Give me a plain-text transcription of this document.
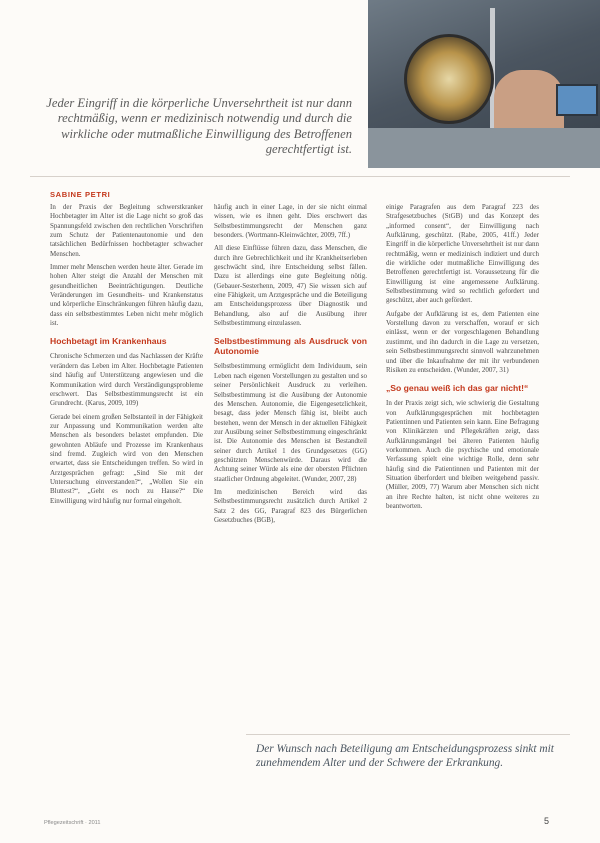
Jeder Eingriff in die körperliche Unversehrtheit ist nur dann rechtmäßig, wenn er medizinisch notwendig und durch die wirkliche oder mutmaßliche Einwilligung des Betroffenen gerechtfertigt ist.
SABINE PETRI

In der Praxis der Begleitung schwerstkranker Hochbetagter im Alter ist die Lage nicht so groß das Spannungsfeld zwischen den rechtlichen Vorschriften zum Schutz der Patientenautonomie und den tatsächlichen Bedürfnissen hochbetagter schwacher Menschen.

Immer mehr Menschen werden heute älter. Gerade im hohen Alter steigt die Anzahl der Menschen mit gesundheitlichen Beeinträchtigungen. Deutliche Veränderungen im Gesundheits- und Krankenstatus und körperliche Einschränkungen führen häufig dazu, dass ein selbstbestimmtes Leben nicht mehr möglich ist.

Hochbetagt im Krankenhaus

Chronische Schmerzen und das Nachlassen der Kräfte verändern das Leben im Alter. Hochbetagte Patienten sind häufig auf Unterstützung angewiesen und die Kommunikation wird durch Verständigungsprobleme erschwert. Das Selbstbestimmungsrecht ist ein Grundrecht. (Karus, 2009, 109)

Gerade bei einem großen Selbstanteil in der Fähigkeit zur Anpassung und Kommunikation werden alte Menschen als besonders belastet empfunden. Die gewohnten Abläufe und Prozesse im Krankenhaus sind fremd. Zugleich wird von den Menschen erwartet, dass sie Entscheidungen treffen. So wird in Arztgesprächen gefragt: „Sind Sie mit der Untersuchung einverstanden?“, „Wollen Sie ein Bluttest?“, „Geht es noch zu Hause?“ Die Einwilligung wird häufig nur formal eingeholt.

häufig auch in einer Lage, in der sie nicht einmal wissen, wie es ihnen geht. Dies erschwert das Selbstbestimmungsrecht der Menschen ganz besonders. (Wortmann-Kleinwächter, 2009, 7ff.)

All diese Einflüsse führen dazu, dass Menschen, die durch ihre Gebrechlichkeit und ihr Krankheitserleben geschwächt sind, ihre Entscheidung selbst fällen. Dazu ist allerdings eine gute Begleitung nötig. (Gebauer-Sesterhenn, 2009, 47) Sie wissen sich auf eine Fähigkeit, um Arztgespräche und die Beteiligung am Entscheidungsprozess über Diagnostik und Behandlung, also auf die Ausübung ihrer Selbstbestimmung einzulassen.

Selbstbestimmung als Ausdruck von Autonomie

Selbstbestimmung ermöglicht dem Individuum, sein Leben nach eigenen Vorstellungen zu gestalten und so seiner Persönlichkeit Ausdruck zu verleihen. Selbstbestimmung ist die Ausübung der Autonomie des Menschen. Autonomie, die Eigengesetzlichkeit, besagt, dass jeder Mensch fähig ist, bleibt auch bestehen, wenn der Mensch in der aktuellen Fähigkeit zur Ausübung seiner Selbstbestimmung eingeschränkt ist. Die Autonomie des Menschen ist Bestandteil seiner durch Artikel 1 des Grundgesetzes (GG) geschützten Menschenwürde. Daraus wird die Achtung seiner Würde als eine der obersten Pflichten staatlicher Ordnung abgeleitet. (Wunder, 2007, 28)

Im medizinischen Bereich wird das Selbstbestimmungsrecht zusätzlich durch Artikel 2 Satz 2 des GG, Paragraf 823 des Bürgerlichen Gesetzbuches (BGB),

einige Paragrafen aus dem Paragraf 223 des Strafgesetzbuches (StGB) und das Konzept des „informed consent“, der Einwilligung nach Aufklärung, geschützt. (Rabe, 2005, 41ff.) Jeder Eingriff in die körperliche Unversehrtheit ist nur dann rechtmäßig, wenn er medizinisch indiziert und durch die wirkliche oder mutmaßliche Einwilligung des Betroffenen gerechtfertigt ist. Voraussetzung für die Einwilligung ist eine angemessene Aufklärung. Selbstbestimmung wird so rechtlich gefordert und geschützt, aber auch gefördert.

Aufgabe der Aufklärung ist es, dem Patienten eine Vorstellung davon zu verschaffen, worauf er sich einlässt, wenn er der vorgeschlagenen Behandlung zustimmt, und ihn dadurch in die Lage zu versetzen, sein Selbstbestimmungsrecht sinnvoll wahrzunehmen und über die Inkaufnahme der mit ihr verbundenen Risiken zu entscheiden. (Wunder, 2007, 31)

„So genau weiß ich das gar nicht!“

In der Praxis zeigt sich, wie schwierig die Gestaltung von Aufklärungsgesprächen mit hochbetagten Patientinnen und Patienten sein kann. Eine Befragung von Klinikärzten und Pflegekräften zeigt, dass Aufklärungsmängel bei älteren Patienten häufig vorkommen. Auch die psychische und emotionale Verfassung spielt eine wichtige Rolle, denn sehr häufig sind die Patientinnen und Patienten mit der Situation überfordert und bleiben weitgehend passiv. (Müller, 2009, 77) Warum aber Menschen sich nicht an ihre Rechte halten, ist nicht ohne weiteres zu beantworten.

Der Wunsch nach Beteiligung am Entscheidungsprozess sinkt mit zunehmendem Alter und der Schwere der Erkrankung.
Pflegezeitschrift · 2011	5
